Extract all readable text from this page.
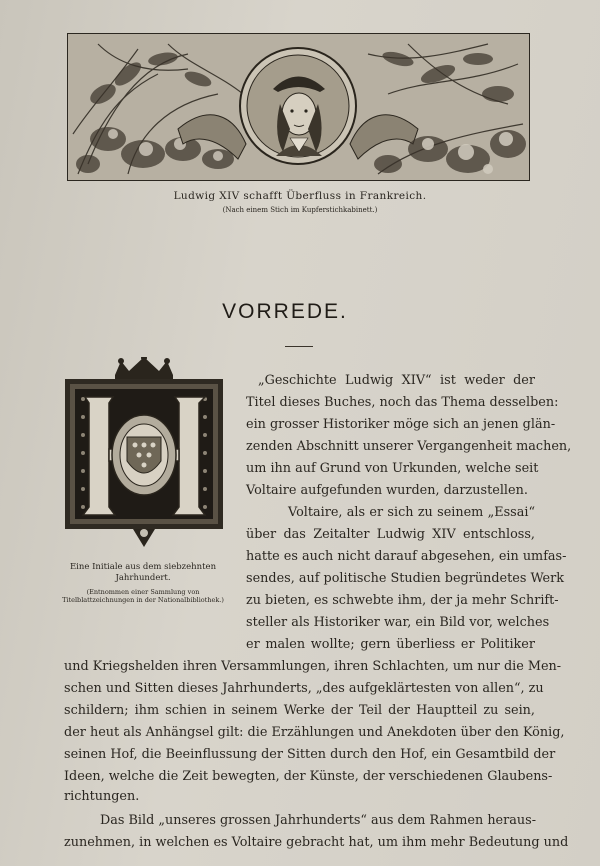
Ludwig XIV schafft Überfluss in Frankreich.
(Nach einem Stich im Kupferstichkabinett.)
VORREDE.
Eine Initiale aus dem siebzehnten Jahrhundert.
(Entnommen einer Sammlung von Titelblattzeichnungen in der Nationalbibliothek.)
„Geschichte Ludwig XIV“ ist weder der
Titel dieses Buches, noch das Thema desselben:
ein grosser Historiker möge sich an jenen glän-
zenden Abschnitt unserer Vergangenheit machen,
um ihn auf Grund von Urkunden, welche seit
Voltaire aufgefunden wurden, darzustellen.
Voltaire, als er sich zu seinem „Essai“
über das Zeitalter Ludwig XIV entschloss,
hatte es auch nicht darauf abgesehen, ein umfas-
sendes, auf politische Studien begründetes Werk
zu bieten, es schwebte ihm, der ja mehr Schrift-
steller als Historiker war, ein Bild vor, welches
er malen wollte; gern überliess er Politiker
und Kriegshelden ihren Versammlungen, ihren Schlachten, um nur die Men-
schen und Sitten dieses Jahrhunderts, „des aufgeklärtesten von allen“, zu
schildern; ihm schien in seinem Werke der Teil der Hauptteil zu sein,
der heut als Anhängsel gilt: die Erzählungen und Anekdoten über den König,
seinen Hof, die Beeinflussung der Sitten durch den Hof, ein Gesamtbild der
Ideen, welche die Zeit bewegten, der Künste, der verschiedenen Glaubens-
richtungen.
Das Bild „unseres grossen Jahrhunderts“ aus dem Rahmen heraus-
zunehmen, in welchen es Voltaire gebracht hat, um ihm mehr Bedeutung und
